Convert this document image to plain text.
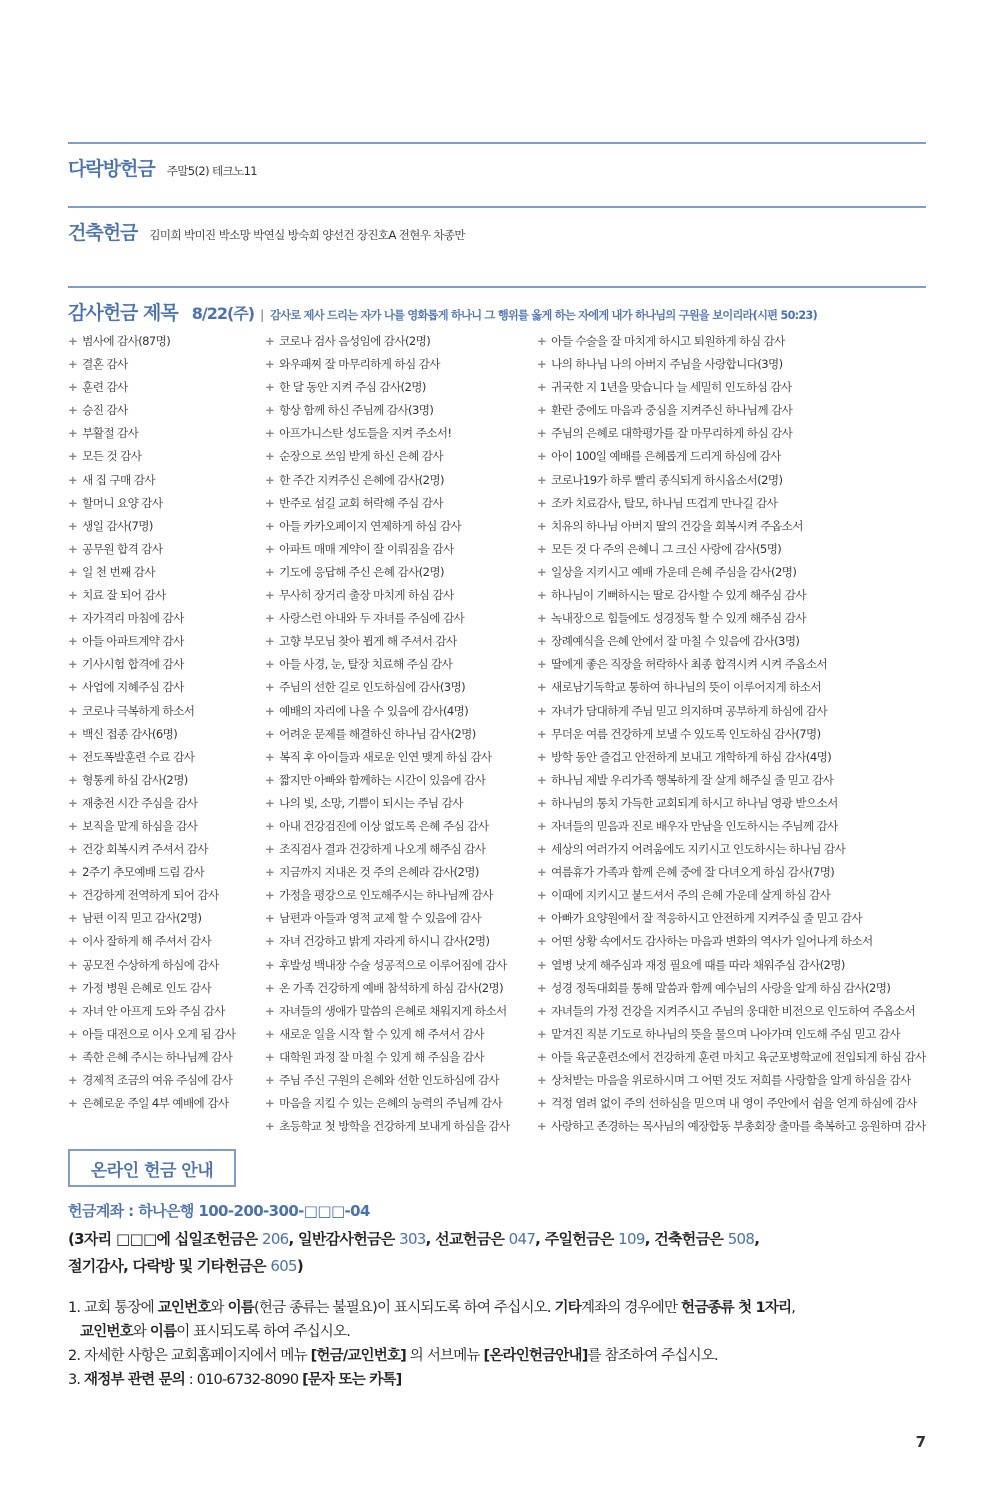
다락방헌금 주말5(2) 테크노11
건축헌금 김미희 박미진 박소망 박연실 방숙희 양선건 장진호A 전현우 차종만
감사헌금 제목 8/22(주) | 감사로 제사 드리는 자가 나를 영화롭게 하나니 그 행위를 옳게 하는 자에게 내가 하나님의 구원을 보이리라(시편 50:23)
+ 범사에 감사(87명)
+ 결혼 감사
+ 훈련 감사
+ 승진 감사
+ 부활절 감사
+ 모든 것 감사
+ 새 집 구매 감사
+ 할머니 요양 감사
+ 생일 감사(7명)
+ 공무원 합격 감사
+ 일 천 번째 감사
+ 치료 잘 되어 감사
+ 자가격리 마침에 감사
+ 아들 아파트계약 감사
+ 기사시험 합격에 감사
+ 사업에 지혜주심 감사
+ 코로나 극복하게 하소서
+ 백신 접종 감사(6명)
+ 전도폭발훈련 수료 감사
+ 형통케 하심 감사(2명)
+ 재충전 시간 주심을 감사
+ 보직을 맡게 하심을 감사
+ 건강 회복시켜 주셔서 감사
+ 2주기 추모예배 드림 감사
+ 건강하게 전역하게 되어 감사
+ 남편 이직 믿고 감사(2명)
+ 이사 잘하게 해 주셔서 감사
+ 공모전 수상하게 하심에 감사
+ 가정 병원 은혜로 인도 감사
+ 자녀 안 아프게 도와 주심 감사
+ 아들 대전으로 이사 오게 됨 감사
+ 족한 은혜 주시는 하나님께 감사
+ 경제적 조금의 여유 주심에 감사
+ 은혜로운 주일 4부 예배에 감사
+ 코로나 검사 음성임에 감사(2명)
+ 와우패찌 잘 마무리하게 하심 감사
+ 한 달 동안 지켜 주심 감사(2명)
+ 항상 함께 하신 주님께 감사(3명)
+ 아프가니스탄 성도들을 지켜 주소서!
+ 순장으로 쓰임 받게 하신 은혜 감사
+ 한 주간 지켜주신 은혜에 감사(2명)
+ 반주로 섬길 교회 허락해 주심 감사
+ 아들 카카오페이지 연제하게 하심 감사
+ 아파트 매매 계약이 잘 이뤄짐을 감사
+ 기도에 응답해 주신 은혜 감사(2명)
+ 무사히 장거리 출장 마치게 하심 감사
+ 사랑스런 아내와 두 자녀를 주심에 감사
+ 고향 부모님 찾아 뵙게 해 주셔서 감사
+ 아들 사경, 눈, 탈장 치료해 주심 감사
+ 주님의 선한 길로 인도하심에 감사(3명)
+ 예배의 자리에 나올 수 있음에 감사(4명)
+ 어려운 문제를 해결하신 하나님 감사(2명)
+ 복직 후 아이들과 새로운 인연 맺게 하심 감사
+ 짧지만 아빠와 함께하는 시간이 있음에 감사
+ 나의 빛, 소망, 기쁨이 되시는 주님 감사
+ 아내 건강검진에 이상 없도록 은혜 주심 감사
+ 조직검사 결과 건강하게 나오게 해주심 감사
+ 지금까지 지내온 것 주의 은혜라 감사(2명)
+ 가정을 평강으로 인도해주시는 하나님께 감사
+ 남편과 아들과 영적 교제 할 수 있음에 감사
+ 자녀 건강하고 밝게 자라게 하시니 감사(2명)
+ 후발성 백내장 수술 성공적으로 이루어짐에 감사
+ 온 가족 건강하게 예배 참석하게 하심 감사(2명)
+ 자녀들의 생애가 말씀의 은혜로 채워지게 하소서
+ 새로운 일을 시작 할 수 있게 해 주셔서 감사
+ 대학원 과정 잘 마칠 수 있게 해 주심을 감사
+ 주님 주신 구원의 은혜와 선한 인도하심에 감사
+ 마음을 지킬 수 있는 은혜의 능력의 주님께 감사
+ 초등학교 첫 방학을 건강하게 보내게 하심을 감사
+ 아들 수술을 잘 마치게 하시고 퇴원하게 하심 감사
+ 나의 하나님 나의 아버지 주님을 사랑합니다(3명)
+ 귀국한 지 1년을 맞습니다 늘 세밀히 인도하심 감사
+ 환란 중에도 마음과 중심을 지켜주신 하나님께 감사
+ 주님의 은혜로 대학평가를 잘 마무리하게 하심 감사
+ 아이 100일 예배를 은혜롭게 드리게 하심에 감사
+ 코로나19가 하루 빨리 종식되게 하시옵소서(2명)
+ 조카 치료감사, 탈모, 하나님 뜨겁게 만나길 감사
+ 치유의 하나님 아버지 딸의 건강을 회복시켜 주옵소서
+ 모든 것 다 주의 은혜니 그 크신 사랑에 감사(5명)
+ 일상을 지키시고 예배 가운데 은혜 주심을 감사(2명)
+ 하나님이 기뻐하시는 딸로 감사할 수 있게 해주심 감사
+ 녹내장으로 힘들에도 성경정독 할 수 있게 해주심 감사
+ 장례예식을 은혜 안에서 잘 마칠 수 있음에 감사(3명)
+ 딸에게 좋은 직장을 허락하사 최종 합격시켜 시켜 주옵소서
+ 새로남기독학교 통하여 하나님의 뜻이 이루어지게 하소서
+ 자녀가 담대하게 주님 믿고 의지하며 공부하게 하심에 감사
+ 무더운 여름 건강하게 보낼 수 있도록 인도하심 감사(7명)
+ 방학 동안 즐겁고 안전하게 보내고 개학하게 하심 감사(4명)
+ 하나님 제발 우리가족 행복하게 잘 살게 해주실 줄 믿고 감사
+ 하나님의 통치 가득한 교회되게 하시고 하나님 영광 받으소서
+ 자녀들의 믿음과 진로 배우자 만남을 인도하시는 주님께 감사
+ 세상의 여러가지 어려움에도 지키시고 인도하시는 하나님 감사
+ 여름휴가 가족과 함께 은혜 중에 잘 다녀오게 하심 감사(7명)
+ 이때에 지키시고 붙드셔서 주의 은혜 가운데 살게 하심 감사
+ 아빠가 요양원에서 잘 적응하시고 안전하게 지켜주실 줄 믿고 감사
+ 어떤 상황 속에서도 감사하는 마음과 변화의 역사가 일어나게 하소서
+ 열병 낫게 해주심과 재정 필요에 때를 따라 채워주심 감사(2명)
+ 성경 정독대회를 통해 말씀과 함께 예수님의 사랑을 알게 하심 감사(2명)
+ 자녀들의 가정 건강을 지켜주시고 주님의 웅대한 비전으로 인도하여 주옵소서
+ 맡겨진 직분 기도로 하나님의 뜻을 물으며 나아가며 인도해 주심 믿고 감사
+ 아들 육군훈련소에서 건강하게 훈련 마치고 육군포병학교에 전입되게 하심 감사
+ 상처받는 마음을 위로하시며 그 어떤 것도 저희를 사랑함을 알게 하심을 감사
+ 걱정 염려 없이 주의 선하심을 믿으며 내 영이 주안에서 쉼을 얻게 하심에 감사
+ 사랑하고 존경하는 목사님의 예장합동 부총회장 출마를 축복하고 응원하며 감사
온라인 헌금 안내
헌금계좌 : 하나은행 100-200-300-□□□-04
(3자리 □□□에 십일조헌금은 206, 일반감사헌금은 303, 선교헌금은 047, 주일헌금은 109, 건축헌금은 508,
절기감사, 다락방 및 기타헌금은 605)

1. 교회 통장에 교인번호와 이름(헌금 종류는 불필요)이 표시되도록 하여 주십시오. 기타계좌의 경우에만 헌금종류 첫 1자리,

교인번호와 이름이 표시되도록 하여 주십시오.

2. 자세한 사항은 교회홈페이지에서 메뉴 [헌금/교인번호] 의 서브메뉴 [온라인헌금안내]를 참조하여 주십시오.

3. 재정부 관련 문의 : 010-6732-8090 [문자 또는 카톡]

7
